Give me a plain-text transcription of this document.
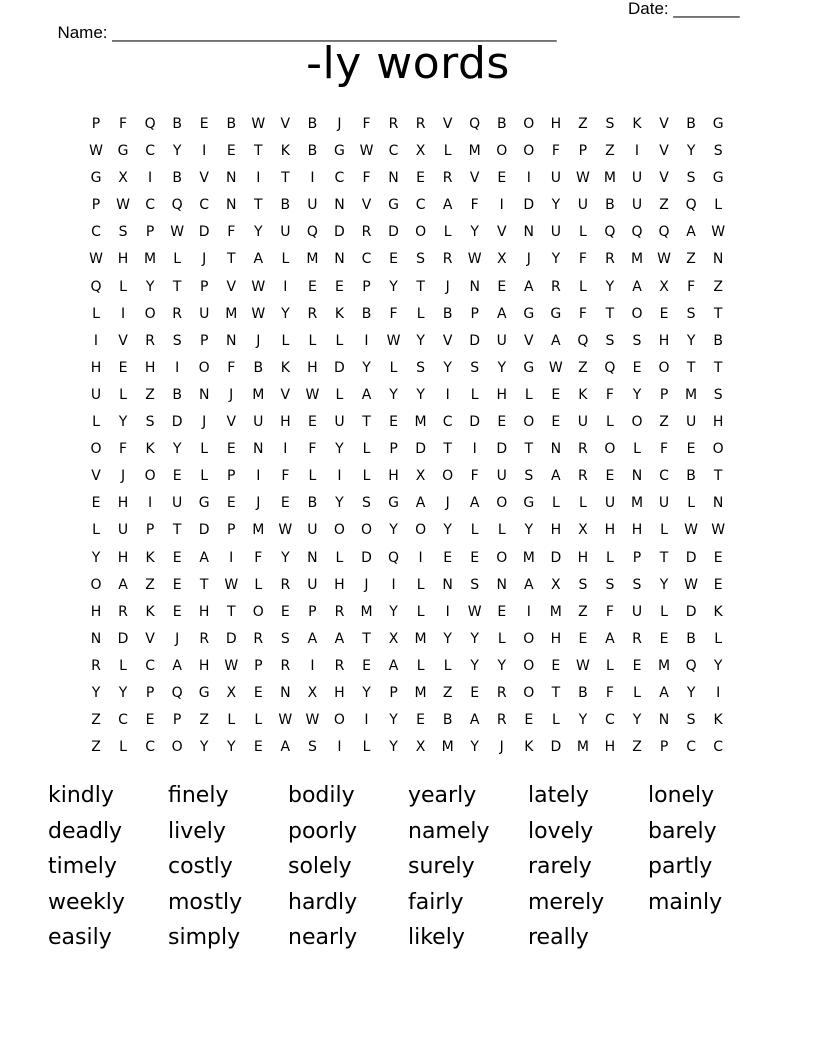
Name: _______________________________________________

Date: _______

-ly words
P	F	Q	B	E	B	W	V	B	J	F	R	R	V	Q	B	O	H	Z	S	K	V	B	G
W	G	C	Y	I	E	T	K	B	G	W	C	X	L	M	O	O	F	P	Z	I	V	Y	S
G	X	I	B	V	N	I	T	I	C	F	N	E	R	V	E	I	U	W	M	U	V	S	G
P	W	C	Q	C	N	T	B	U	N	V	G	C	A	F	I	D	Y	U	B	U	Z	Q	L
C	S	P	W	D	F	Y	U	Q	D	R	D	O	L	Y	V	N	U	L	Q	Q	Q	A	W
W	H	M	L	J	T	A	L	M	N	C	E	S	R	W	X	J	Y	F	R	M	W	Z	N
Q	L	Y	T	P	V	W	I	E	E	P	Y	T	J	N	E	A	R	L	Y	A	X	F	Z
L	I	O	R	U	M	W	Y	R	K	B	F	L	B	P	A	G	G	F	T	O	E	S	T
I	V	R	S	P	N	J	L	L	L	I	W	Y	V	D	U	V	A	Q	S	S	H	Y	B
H	E	H	I	O	F	B	K	H	D	Y	L	S	Y	S	Y	G	W	Z	Q	E	O	T	T
U	L	Z	B	N	J	M	V	W	L	A	Y	Y	I	L	H	L	E	K	F	Y	P	M	S
L	Y	S	D	J	V	U	H	E	U	T	E	M	C	D	E	O	E	U	L	O	Z	U	H
O	F	K	Y	L	E	N	I	F	Y	L	P	D	T	I	D	T	N	R	O	L	F	E	O
V	J	O	E	L	P	I	F	L	I	L	H	X	O	F	U	S	A	R	E	N	C	B	T
E	H	I	U	G	E	J	E	B	Y	S	G	A	J	A	O	G	L	L	U	M	U	L	N
L	U	P	T	D	P	M	W	U	O	O	Y	O	Y	L	L	Y	H	X	H	H	L	W W
Y	H	K	E	A	I	F	Y	N	L	D	Q	I	E	E	O	M	D	H	L	P	T	D	E
O	A	Z	E	T	W	L	R	U	H	J	I	L	N	S	N	A	X	S	S	S	Y	W	E
H	R	K	E	H	T	O	E	P	R	M	Y	L	I	W	E	I	M	Z	F	U	L	D	K
N	D	V	J	R	D	R	S	A	A	T	X	M	Y	Y	L	O	H	E	A	R	E	B	L
R	L	C	A	H	W	P	R	I	R	E	A	L	L	Y	Y	O	E	W	L	E	M	Q	Y
Y	Y	P	Q	G	X	E	N	X	H	Y	P	M	Z	E	R	O	T	B	F	L	A	Y	I
Z	C	E	P	Z	L	L	W W	O	I	Y	E	B	A	R	E	L	Y	C	Y	N	S	K
Z	L	C	O	Y	Y	E	A	S	I	L	Y	X	M	Y	J	K	D	M	H	Z	P	C	C
kindly	finely	bodily	yearly	lately	lonely
deadly	lively	poorly	namely	lovely	barely
timely	costly	solely	surely	rarely	partly
weekly	mostly	hardly	fairly	merely	mainly
easily	simply	nearly	likely	really
